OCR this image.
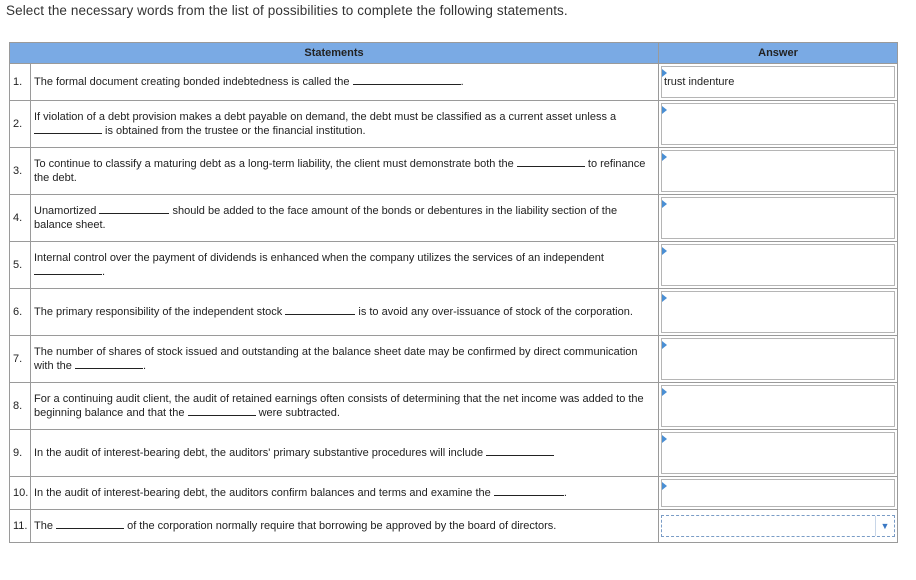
Select the necessary words from the list of possibilities to complete the following statements.
Statements		Answer
1.	The formal document creating bonded indebtedness is called the .	trust indenture

2.	If violation of a debt provision makes a debt payable on demand, the debt must be classified as a current asset unless a  is obtained from the trustee or the financial institution.	

3.	To continue to classify a maturing debt as a long-term liability, the client must demonstrate both the to refinance the debt.	

4.	Unamortized should be added to the face amount of the bonds or debentures in the liability section of the balance sheet.	

5.	Internal control over the payment of dividends is enhanced when the company utilizes the services of an independent .	

6.	The primary responsibility of the independent stock is to avoid any over-issuance of stock of the corporation.	

7.	The number of shares of stock issued and outstanding at the balance sheet date may be confirmed by direct communication with the .	

8.	For a continuing audit client, the audit of retained earnings often consists of determining that the net income was added to the beginning balance and that the were subtracted.	

9.	In the audit of interest-bearing debt, the auditors' primary substantive procedures will include	

10.	In the audit of interest-bearing debt, the auditors confirm balances and terms and examine the .	

11.	The of the corporation normally require that borrowing be approved by the board of directors.	▼
